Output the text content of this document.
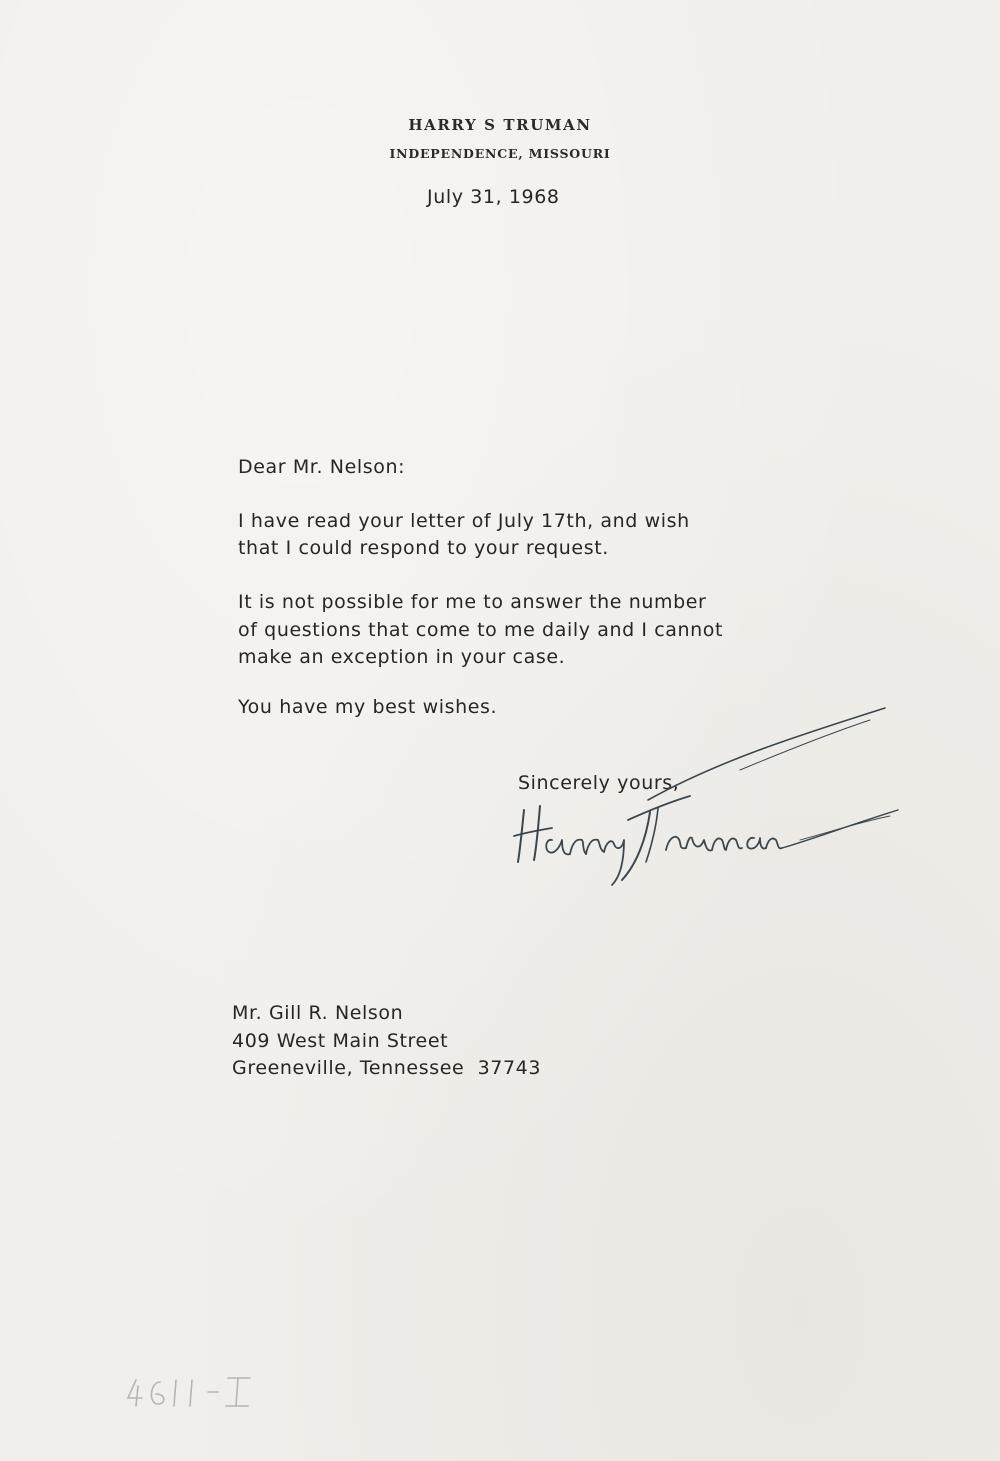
HARRY S TRUMAN
INDEPENDENCE, MISSOURI
July 31, 1968
Dear Mr. Nelson:
I have read your letter of July 17th, and wish
that I could respond to your request.
It is not possible for me to answer the number
of questions that come to me daily and I cannot
make an exception in your case.
You have my best wishes.
Sincerely yours,
Mr. Gill R. Nelson
409 West Main Street
Greeneville, Tennessee  37743
